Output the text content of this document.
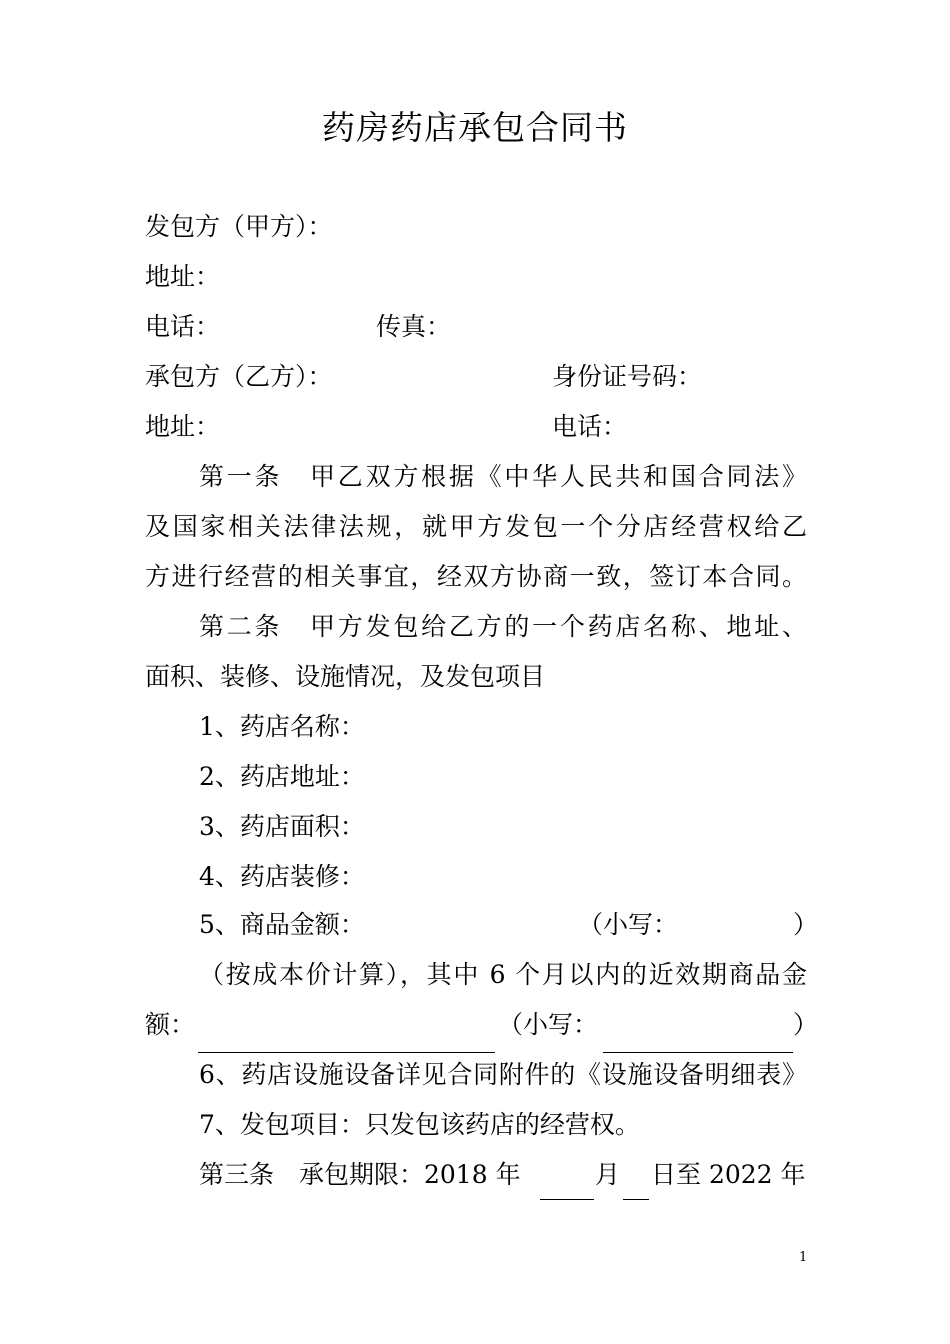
药房药店承包合同书
发包方（甲方）：
地址：
电话：	传真：
承包方（乙方）：	身份证号码：
地址：	电话：
第一条　甲乙双方根据《中华人民共和国合同法》
及国家相关法律法规，就甲方发包一个分店经营权给乙
方进行经营的相关事宜，经双方协商一致，签订本合同。
第二条　甲方发包给乙方的一个药店名称、地址、
面积、装修、设施情况，及发包项目
1、药店名称：
2、药店地址：
3、药店面积：
4、药店装修：
5、商品金额：	（小写：	）
（按成本价计算），其中 6 个月以内的近效期商品金
额：	（小写：	）
6、药店设施设备详见合同附件的《设施设备明细表》
7、发包项目：只发包该药店的经营权。
第三条　承包期限：2018 年	月 日至 2022 年
1
